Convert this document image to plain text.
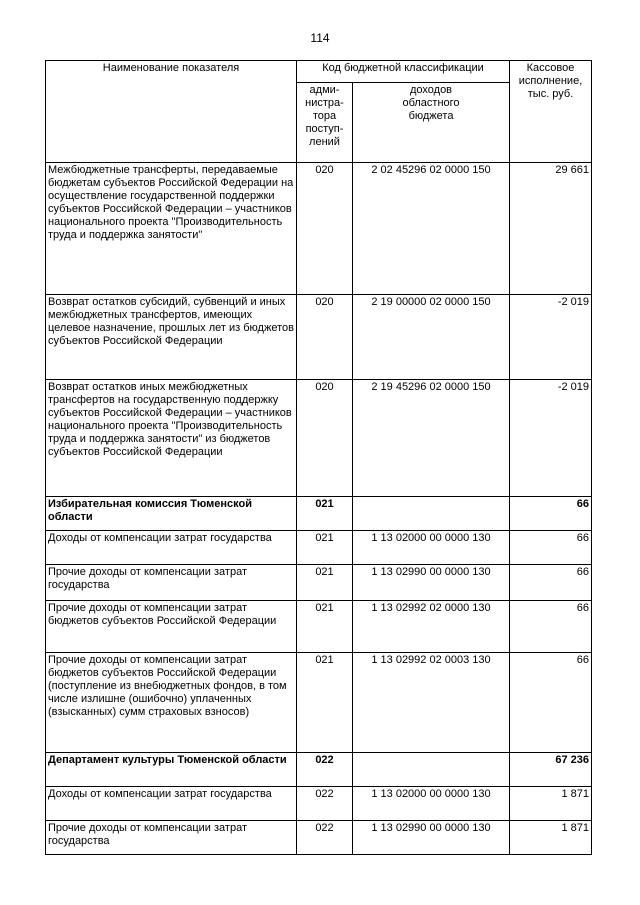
114
Наименование показателя	Код бюджетной классификации		Кассовое
исполнение,
тыс. руб.
	адми-
нистра-
тора
поступ-
лений	доходов
областного
бюджета	
Межбюджетные трансферты, передаваемые бюджетам субъектов Российской Федерации на осуществление государственной поддержки субъектов Российской Федерации – участников национального проекта "Производительность труда и поддержка занятости"	020	2 02 45296 02 0000 150	29 661
Возврат остатков субсидий, субвенций и иных межбюджетных трансфертов, имеющих целевое назначение, прошлых лет из бюджетов субъектов Российской Федерации	020	2 19 00000 02 0000 150	-2 019
Возврат остатков иных межбюджетных трансфертов на государственную поддержку субъектов Российской Федерации – участников национального проекта "Производительность труда и поддержка занятости" из бюджетов субъектов Российской Федерации	020	2 19 45296 02 0000 150	-2 019
Избирательная комиссия Тюменской области	021		66
Доходы от компенсации затрат государства	021	1 13 02000 00 0000 130	66
Прочие доходы от компенсации затрат государства	021	1 13 02990 00 0000 130	66
Прочие доходы от компенсации затрат бюджетов субъектов Российской Федерации	021	1 13 02992 02 0000 130	66
Прочие доходы от компенсации затрат бюджетов субъектов Российской Федерации (поступление из внебюджетных фондов, в том числе излишне (ошибочно) уплаченных (взысканных) сумм страховых взносов)	021	1 13 02992 02 0003 130	66
Департамент культуры Тюменской области	022		67 236
Доходы от компенсации затрат государства	022	1 13 02000 00 0000 130	1 871
Прочие доходы от компенсации затрат государства	022	1 13 02990 00 0000 130	1 871
